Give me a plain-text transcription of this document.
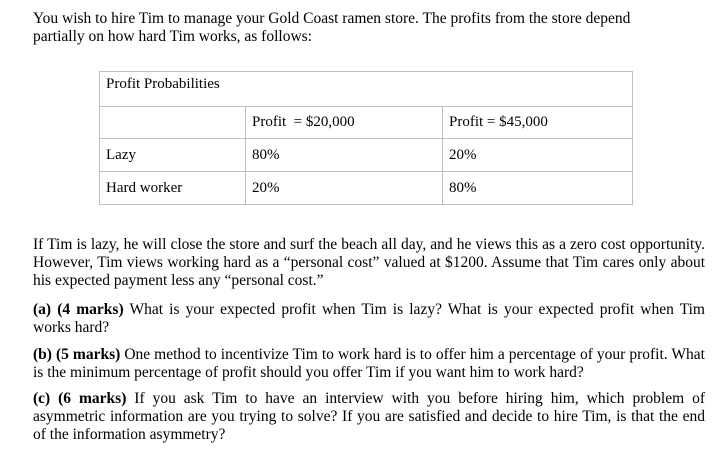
You wish to hire Tim to manage your Gold Coast ramen store. The profits from the store depend partially on how hard Tim works, as follows:

Profit Probabilities		
	Profit  = $20,000	Profit = $45,000
Lazy	80%	20%
Hard worker	20%	80%

If Tim is lazy, he will close the store and surf the beach all day, and he views this as a zero cost opportunity. However, Tim views working hard as a “personal cost” valued at $1200. Assume that Tim cares only about his expected payment less any “personal cost.”

(a) (4 marks) What is your expected profit when Tim is lazy? What is your expected profit when Tim works hard?

(b) (5 marks) One method to incentivize Tim to work hard is to offer him a percentage of your profit. What is the minimum percentage of profit should you offer Tim if you want him to work hard?

(c) (6 marks) If you ask Tim to have an interview with you before hiring him, which problem of asymmetric information are you trying to solve? If you are satisfied and decide to hire Tim, is that the end of the information asymmetry?
